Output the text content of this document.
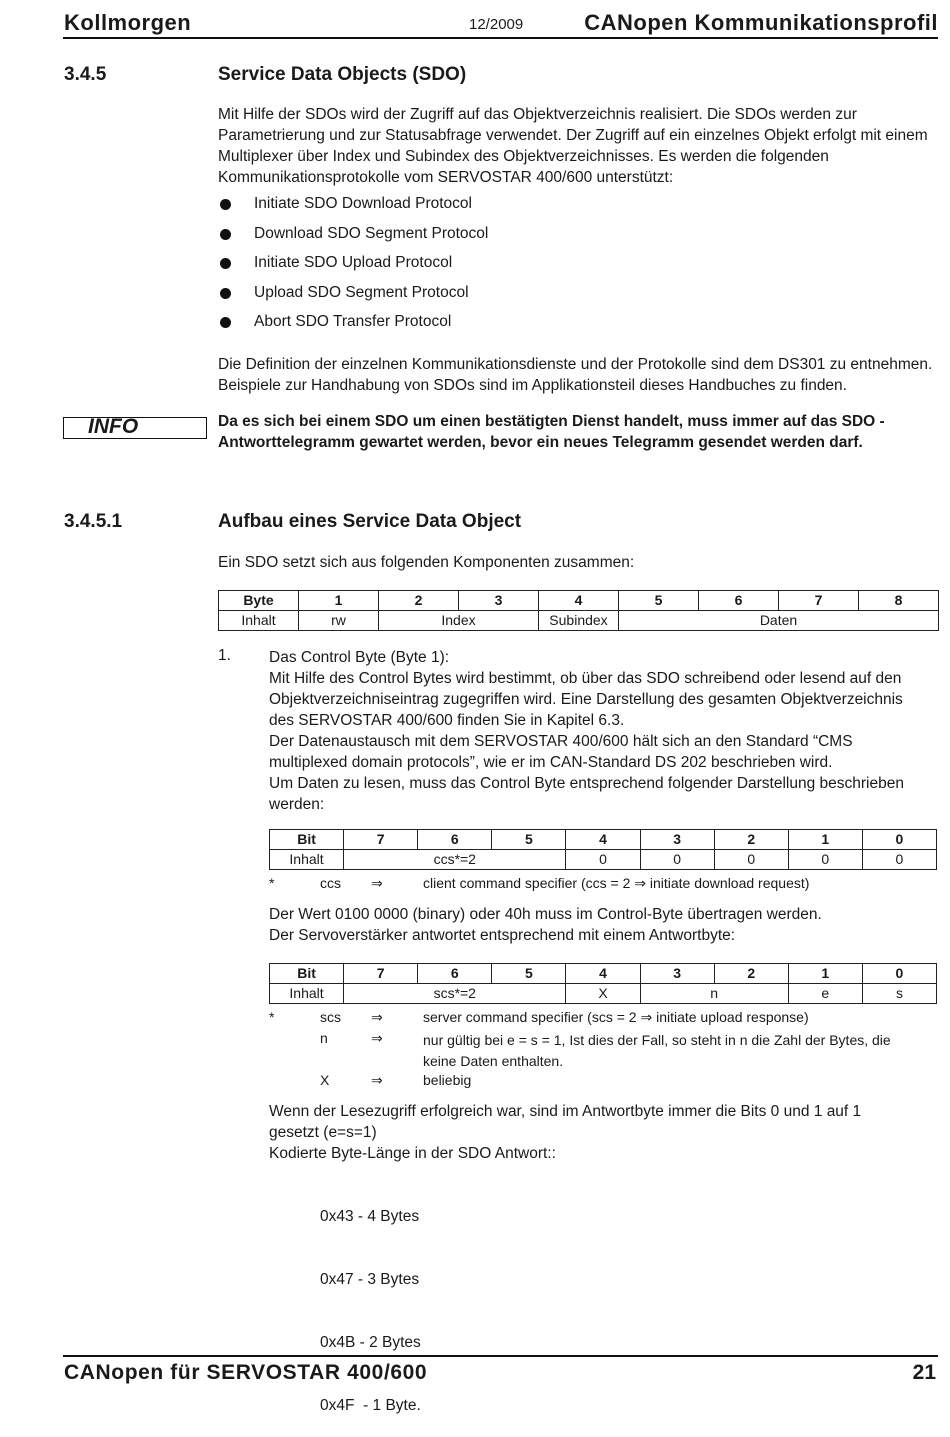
Kollmorgen	12/2009	CANopen Kommunikationsprofil
3.4.5	Service Data Objects (SDO)
Mit Hilfe der SDOs wird der Zugriff auf das Objektverzeichnis realisiert. Die SDOs werden zur Parametrierung und zur Statusabfrage verwendet. Der Zugriff auf ein einzelnes Objekt erfolgt mit einem Multiplexer über Index und Subindex des Objektverzeichnisses. Es werden die folgenden Kommunikationsprotokolle vom SERVOSTAR 400/600 unterstützt:
Initiate SDO Download Protocol
Download SDO Segment Protocol
Initiate SDO Upload Protocol
Upload SDO Segment Protocol
Abort SDO Transfer Protocol
Die Definition der einzelnen Kommunikationsdienste und der Protokolle sind dem DS301 zu entnehmen. Beispiele zur Handhabung von SDOs sind im Applikationsteil dieses Handbuches zu finden.
INFO	Da es sich bei einem SDO um einen bestätigten Dienst handelt, muss immer auf das SDO - Antworttelegramm gewartet werden, bevor ein neues Telegramm gesendet werden darf.
3.4.5.1	Aufbau eines Service Data Object
Ein SDO setzt sich aus folgenden Komponenten zusammen:
Byte	1	2	3	4	5	6	7	8
Inhalt	rw	Index		Subindex	Daten			
1. Das Control Byte (Byte 1):
Mit Hilfe des Control Bytes wird bestimmt, ob über das SDO schreibend oder lesend auf den
Objektverzeichniseintrag zugegriffen wird. Eine Darstellung des gesamten Objektverzeichnis
des SERVOSTAR 400/600 finden Sie in Kapitel 6.3.
Der Datenaustausch mit dem SERVOSTAR 400/600 hält sich an den Standard “CMS
multiplexed domain protocols”, wie er im CAN-Standard DS 202 beschrieben wird.
Um Daten zu lesen, muss das Control Byte entsprechend folgender Darstellung beschrieben
werden:
Bit	7	6	5	4	3	2	1	0
Inhalt	ccs*=2			0	0	0	0	0
*	ccs ⇒	client command specifier (ccs = 2 ⇒ initiate download request)
Der Wert 0100 0000 (binary) oder 40h muss im Control-Byte übertragen werden.
Der Servoverstärker antwortet entsprechend mit einem Antwortbyte:
Bit	7	6	5	4	3	2	1	0
Inhalt	scs*=2			X	n		e	s
*	scs ⇒	server command specifier (scs = 2 ⇒ initiate upload response)
n	⇒	nur gültig bei e = s = 1, Ist dies der Fall, so steht in n die Zahl der Bytes, die keine Daten enthalten.
X	⇒	beliebig
Wenn der Lesezugriff erfolgreich war, sind im Antwortbyte immer die Bits 0 und 1 auf 1
gesetzt (e=s=1)
Kodierte Byte-Länge in der SDO Antwort::

0x43 - 4 Bytes

0x47 - 3 Bytes

0x4B - 2 Bytes

0x4F  - 1 Byte.

CANopen für SERVOSTAR 400/600	21
